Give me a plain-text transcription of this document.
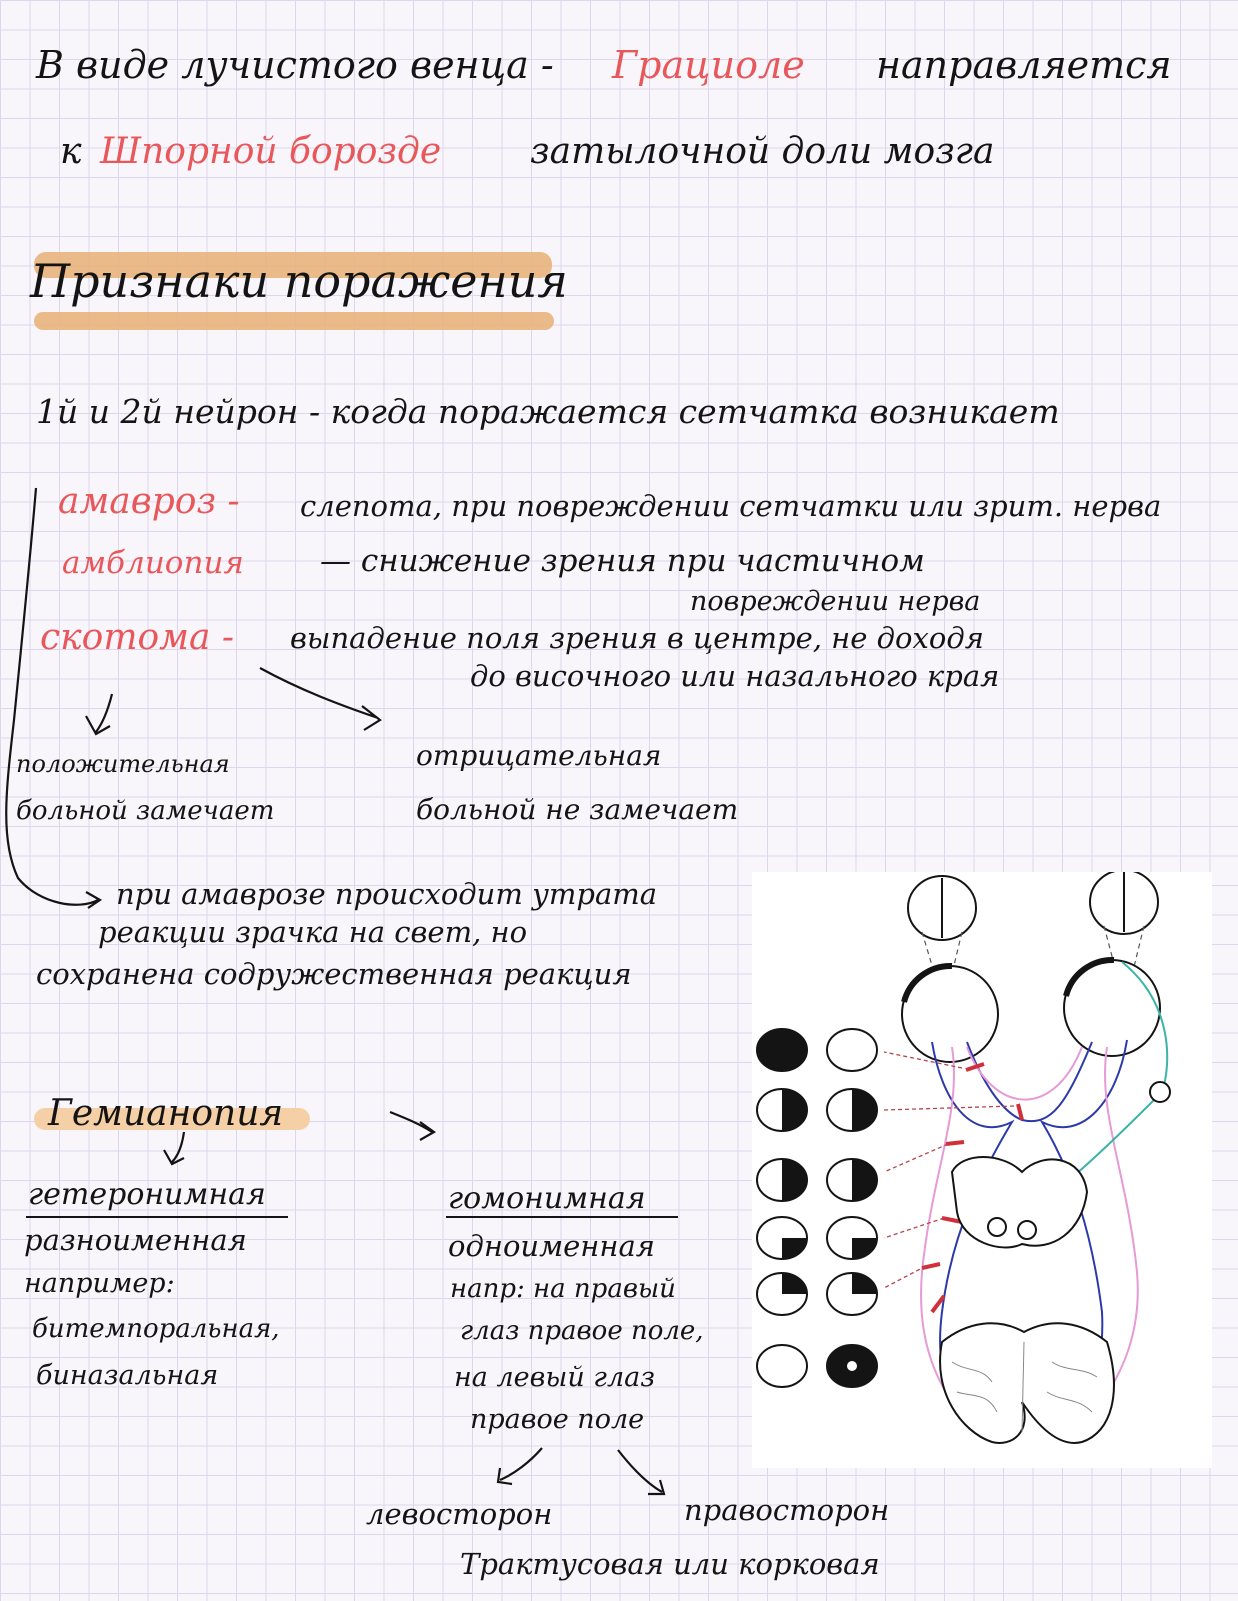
В виде лучистого венца - Грациоле направляется
к Шпорной борозде затылочной доли мозга
Признаки поражения
1й и 2й нейрон - когда поражается сетчатка возникает
амавроз - слепота, при повреждении сетчатки или зрит. нерва
амблиопия — снижение зрения при частичном
повреждении нерва
скотома - выпадение поля зрения в центре, не доходя
до височного или назального края
положительная
больной замечает
отрицательная
больной не замечает
при амаврозе происходит утрата
реакции зрачка на свет, но
сохранена содружественная реакция
Гемианопия
гетеронимная
разноименная
например:
битемпоральная,
биназальная
гомонимная
одноименная
напр: на правый
глаз правое поле,
на левый глаз
правое поле
левосторон	правосторон
Трактусовая или корковая
